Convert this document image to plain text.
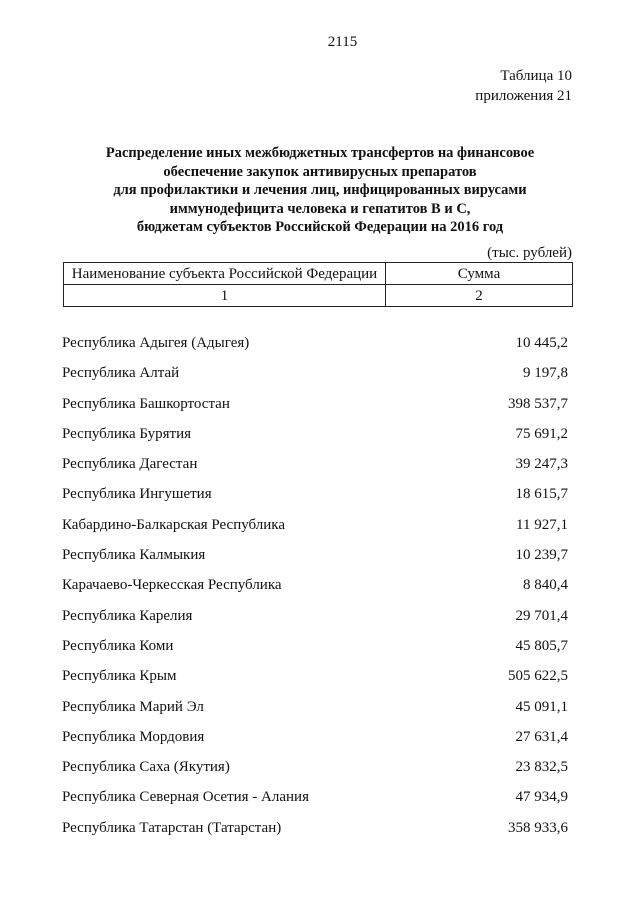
2115
Таблица 10
приложения 21
Распределение иных межбюджетных трансфертов на финансовое
обеспечение закупок антивирусных препаратов
для профилактики и лечения лиц, инфицированных вирусами
иммунодефицита человека и гепатитов В и С,
бюджетам субъектов Российской Федерации на 2016 год
(тыс. рублей)
Наименование субъекта Российской Федерации	Сумма
1	2
Республика Адыгея (Адыгея)	10 445,2
Республика Алтай	9 197,8
Республика Башкортостан	398 537,7
Республика Бурятия	75 691,2
Республика Дагестан	39 247,3
Республика Ингушетия	18 615,7
Кабардино-Балкарская Республика	11 927,1
Республика Калмыкия	10 239,7
Карачаево-Черкесская Республика	8 840,4
Республика Карелия	29 701,4
Республика Коми	45 805,7
Республика Крым	505 622,5
Республика Марий Эл	45 091,1
Республика Мордовия	27 631,4
Республика Саха (Якутия)	23 832,5
Республика Северная Осетия - Алания	47 934,9
Республика Татарстан (Татарстан)	358 933,6
